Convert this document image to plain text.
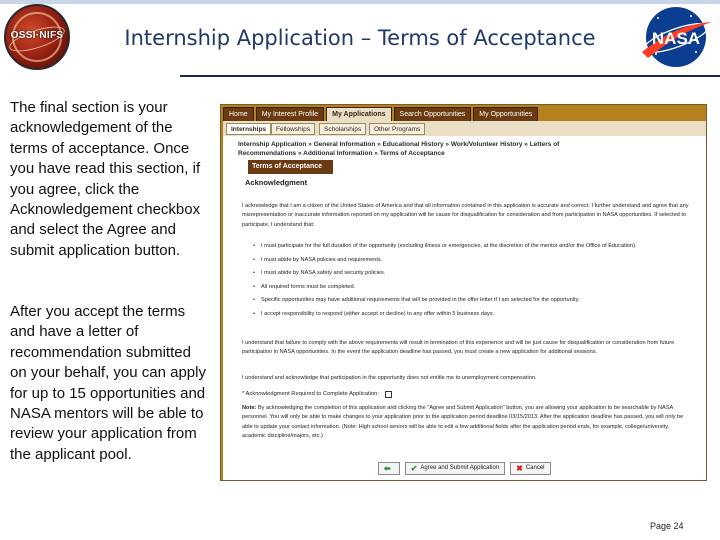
OSSI·NIFS	Internship Application – Terms of Acceptance	NASA
The final section is your acknowledgement of the terms of acceptance. Once you have read this section, if you agree, click the Acknowledgement checkbox and select the Agree and submit application button.
After you accept the terms and have a letter of recommendation submitted on your behalf, you can apply for up to 15 opportunities and NASA mentors will be able to review your application from the applicant pool.
Home	My Interest Profile	My Applications	Search Opportunities	My Opportunities
Internships	Fellowships	Scholarships	Other Programs
Internship Application » General Information » Educational History » Work/Volunteer History » Letters of Recommendations » Additional Information » Terms of Acceptance
Terms of Acceptance
Acknowledgment
I acknowledge that I am a citizen of the United States of America and that all information contained in this application is accurate and correct. I further understand and agree that any misrepresentation or inaccurate information reported on my application will be cause for disqualification for consideration and from participation in NASA opportunities. If selected to participate, I understand that:
• I must participate for the full duration of the opportunity (excluding illness or emergencies, at the discretion of the mentor and/or the Office of Education).
• I must abide by NASA policies and requirements.
• I must abide by NASA safety and security policies.
• All required forms must be completed.
• Specific opportunities may have additional requirements that will be provided in the offer letter if I am selected for the opportunity.
• I accept responsibility to respond (either accept or decline) to any offer within 5 business days.
I understand that failure to comply with the above requirements will result in termination of this experience and will be just cause for disqualification or consideration from future participation in NASA opportunities. In the event the application deadline has passed, you must create a new application for additional sessions.
I understand and acknowledge that participation in the opportunity does not entitle me to unemployment compensation.
* Acknowledgment Required to Complete Application:
Note: By acknowledging the completion of this application and clicking the "Agree and Submit Application" button, you are allowing your application to be searchable by NASA personnel. You will only be able to make changes to your application prior to the application period deadline 03/15/2013. After the application deadline has passed, you will only be able to update your contact information. (Note: High school seniors will be able to edit a few additional fields after the application period ends, for example, college/university, academic discipline/majors, etc.)
⬅	✔ Agree and Submit Application ✖ Cancel
Page 24
